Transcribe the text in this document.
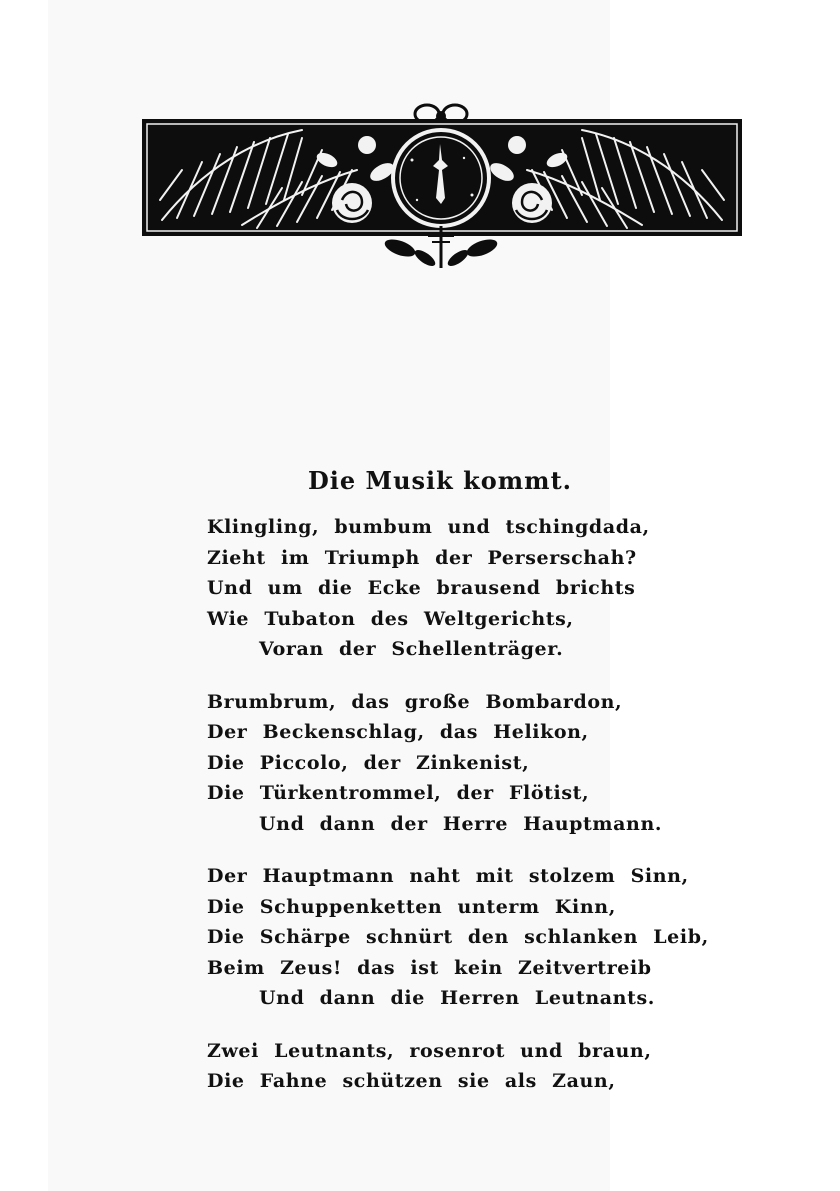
Die Musik kommt.
Klingling, bumbum und tschingdada,
Zieht im Triumph der Perserschah?
Und um die Ecke brausend brichts
Wie Tubaton des Weltgerichts,
Voran der Schellenträger.
Brumbrum, das große Bombardon,
Der Beckenschlag, das Helikon,
Die Piccolo, der Zinkenist,
Die Türkentrommel, der Flötist,
Und dann der Herre Hauptmann.
Der Hauptmann naht mit stolzem Sinn,
Die Schuppenketten unterm Kinn,
Die Schärpe schnürt den schlanken Leib,
Beim Zeus! das ist kein Zeitvertreib
Und dann die Herren Leutnants.
Zwei Leutnants, rosenrot und braun,
Die Fahne schützen sie als Zaun,
